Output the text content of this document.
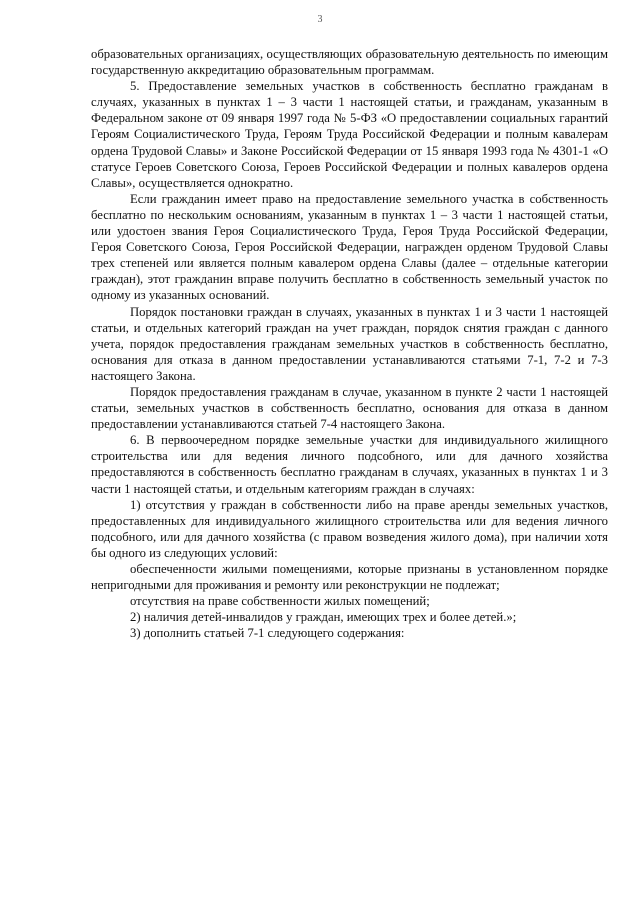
3

образовательных организациях, осуществляющих образовательную деятельность по имеющим государственную аккредитацию образовательным программам.

5. Предоставление земельных участков в собственность бесплатно гражданам в случаях, указанных в пунктах 1 – 3 части 1 настоящей статьи, и гражданам, указанным в Федеральном законе от 09 января 1997 года № 5-ФЗ «О предоставлении социальных гарантий Героям Социалистического Труда, Героям Труда Российской Федерации и полным кавалерам ордена Трудовой Славы» и Законе Российской Федерации от 15 января 1993 года № 4301-1 «О статусе Героев Советского Союза, Героев Российской Федерации и полных кавалеров ордена Славы», осуществляется однократно.

Если гражданин имеет право на предоставление земельного участка в собственность бесплатно по нескольким основаниям, указанным в пунктах 1 – 3 части 1 настоящей статьи, или удостоен звания Героя Социалистического Труда, Героя Труда Российской Федерации, Героя Советского Союза, Героя Российской Федерации, награжден орденом Трудовой Славы трех степеней или является полным кавалером ордена Славы (далее – отдельные категории граждан), этот гражданин вправе получить бесплатно в собственность земельный участок по одному из указанных оснований.

Порядок постановки граждан в случаях, указанных в пунктах 1 и 3 части 1 настоящей статьи, и отдельных категорий граждан на учет граждан, порядок снятия граждан с данного учета, порядок предоставления гражданам земельных участков в собственность бесплатно, основания для отказа в данном предоставлении устанавливаются статьями 7-1, 7-2 и 7-3 настоящего Закона.

Порядок предоставления гражданам в случае, указанном в пункте 2 части 1 настоящей статьи, земельных участков в собственность бесплатно, основания для отказа в данном предоставлении устанавливаются статьей 7-4 настоящего Закона.

6. В первоочередном порядке земельные участки для индивидуального жилищного строительства или для ведения личного подсобного, или для дачного хозяйства предоставляются в собственность бесплатно гражданам в случаях, указанных в пунктах 1 и 3 части 1 настоящей статьи, и отдельным категориям граждан в случаях:

1) отсутствия у граждан в собственности либо на праве аренды земельных участков, предоставленных для индивидуального жилищного строительства или для ведения личного подсобного, или для дачного хозяйства (с правом возведения жилого дома), при наличии хотя бы одного из следующих условий:

обеспеченности жилыми помещениями, которые признаны в установленном порядке непригодными для проживания и ремонту или реконструкции не подлежат;

отсутствия на праве собственности жилых помещений;

2) наличия детей-инвалидов у граждан, имеющих трех и более детей.»;

3) дополнить статьей 7-1 следующего содержания:
